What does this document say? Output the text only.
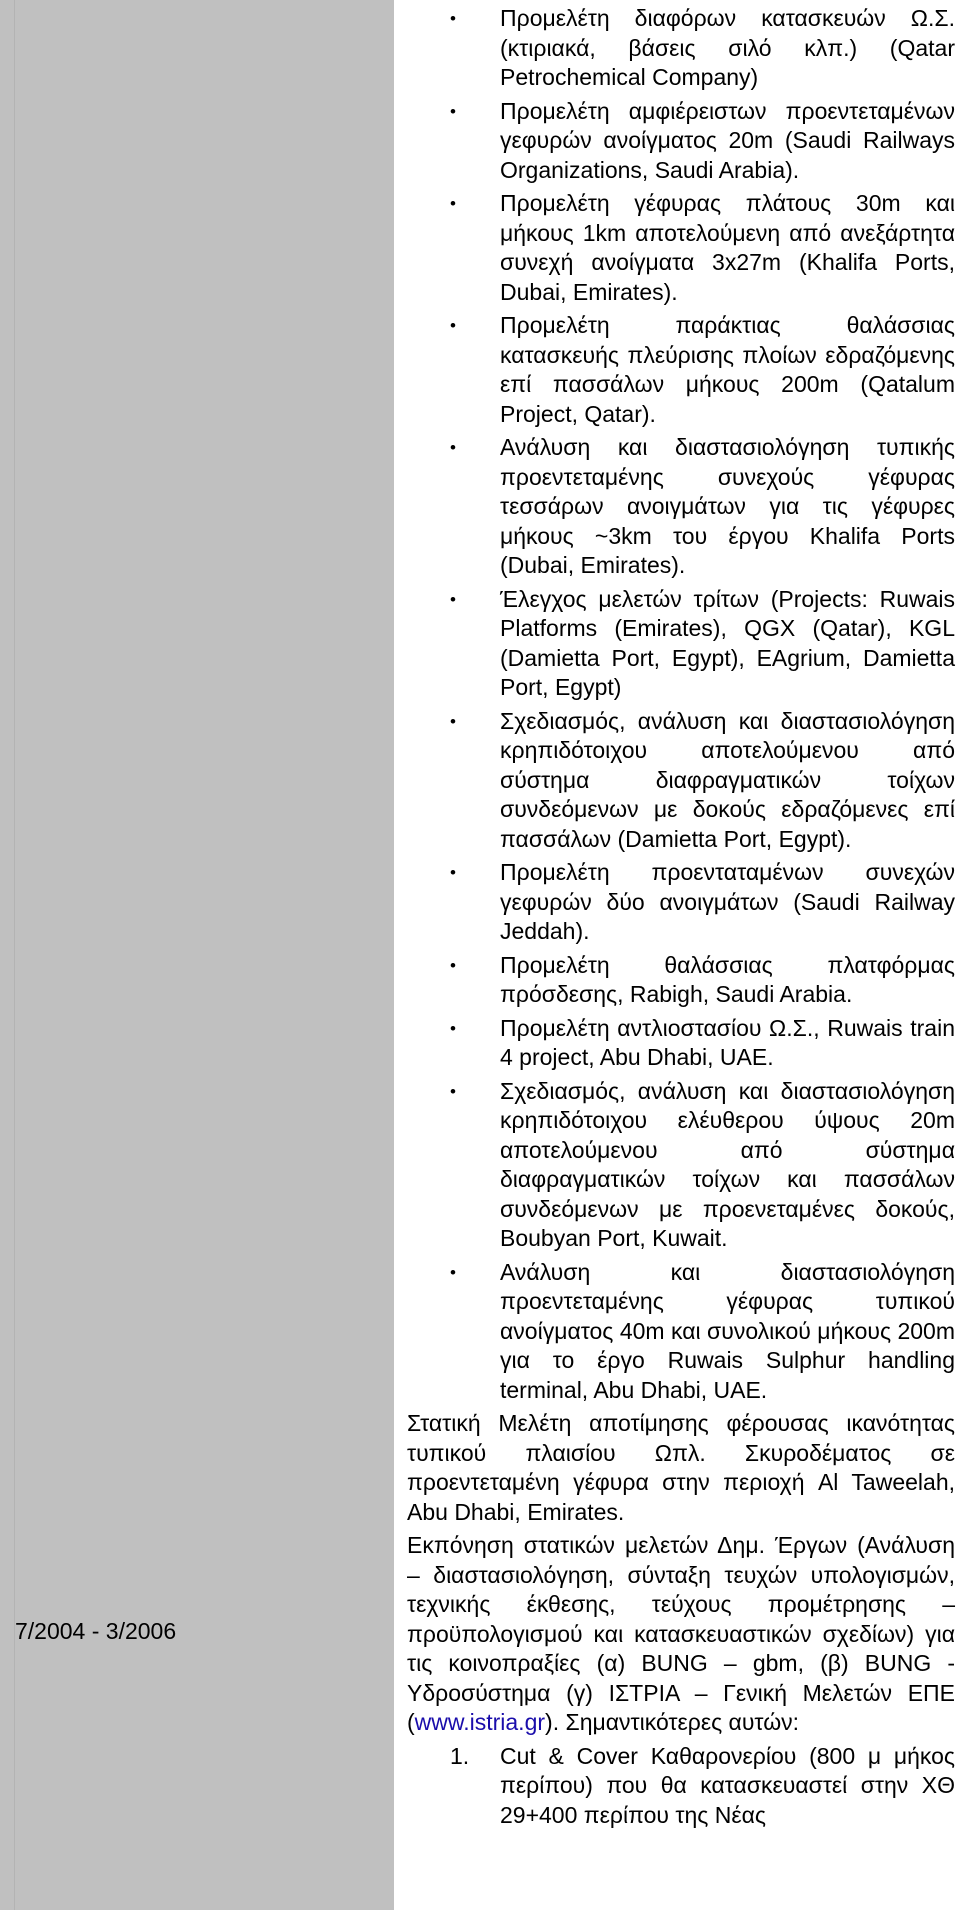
7/2004 - 3/2006
• Προμελέτη διαφόρων κατασκευών Ω.Σ. (κτιριακά, βάσεις σιλό κλπ.) (Qatar Petrochemical Company)
• Προμελέτη αμφιέρειστων προεντεταμένων γεφυρών ανοίγματος 20m (Saudi Railways Organizations, Saudi Arabia).
• Προμελέτη γέφυρας πλάτους 30m και μήκους 1km αποτελούμενη από ανεξάρτητα συνεχή ανοίγματα 3x27m (Khalifa Ports, Dubai, Emirates).
• Προμελέτη παράκτιας θαλάσσιας κατασκευής πλεύρισης πλοίων εδραζόμενης επί πασσάλων μήκους 200m (Qatalum Project, Qatar).
• Ανάλυση και διαστασιολόγηση τυπικής προεντεταμένης συνεχούς γέφυρας τεσσάρων ανοιγμάτων για τις γέφυρες μήκους ~3km του έργου Khalifa Ports (Dubai, Emirates).
• Έλεγχος μελετών τρίτων (Projects: Ruwais Platforms (Emirates), QGX (Qatar), KGL (Damietta Port, Egypt), EAgrium, Damietta Port, Egypt)
• Σχεδιασμός, ανάλυση και διαστασιολόγηση κρηπιδότοιχου αποτελούμενου από σύστημα διαφραγματικών τοίχων συνδεόμενων με δοκούς εδραζόμενες επί πασσάλων (Damietta Port, Egypt).
• Προμελέτη προενταταμένων συνεχών γεφυρών δύο ανοιγμάτων (Saudi Railway Jeddah).
• Προμελέτη θαλάσσιας πλατφόρμας πρόσδεσης, Rabigh, Saudi Arabia.
• Προμελέτη αντλιοστασίου Ω.Σ., Ruwais train 4 project, Abu Dhabi, UAE.
• Σχεδιασμός, ανάλυση και διαστασιολόγηση κρηπιδότοιχου ελέυθερου ύψους 20m αποτελούμενου από σύστημα διαφραγματικών τοίχων και πασσάλων συνδεόμενων με προενεταμένες δοκούς, Boubyan Port, Kuwait.
• Ανάλυση και διαστασιολόγηση προεντεταμένης γέφυρας τυπικού ανοίγματος 40m και συνολικού μήκους 200m για το έργο Ruwais Sulphur handling terminal, Abu Dhabi, UAE.

Στατική Μελέτη αποτίμησης φέρουσας ικανότητας τυπικού πλαισίου Ωπλ. Σκυροδέματος σε προεντεταμένη γέφυρα στην περιοχή Al Taweelah, Abu Dhabi, Emirates.

Εκπόνηση στατικών μελετών Δημ. Έργων (Ανάλυση – διαστασιολόγηση, σύνταξη τευχών υπολογισμών, τεχνικής έκθεσης, τεύχους προμέτρησης – προϋπολογισμού και κατασκευαστικών σχεδίων) για τις κοινοπραξίες (α) BUNG – gbm, (β) BUNG - Υδροσύστημα (γ) ΙΣΤΡΙΑ – Γενική Μελετών ΕΠΕ (www.istria.gr). Σημαντικότερες αυτών:

1. Cut & Cover Καθαρονερίου (800 μ μήκος περίπου) που θα κατασκευαστεί στην ΧΘ 29+400 περίπου της Νέας
